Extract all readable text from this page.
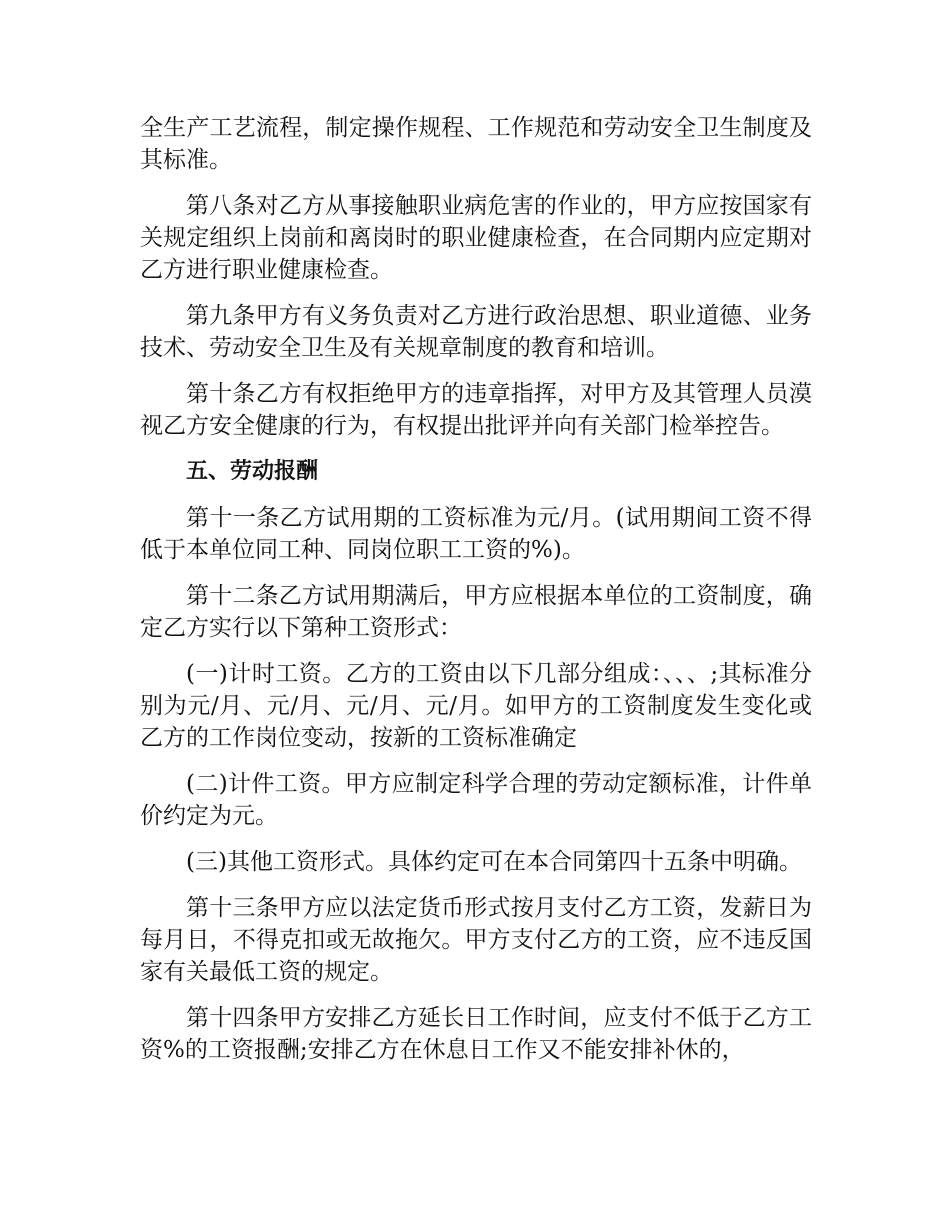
全生产工艺流程，制定操作规程、工作规范和劳动安全卫生制度及其标准。

第八条对乙方从事接触职业病危害的作业的，甲方应按国家有关规定组织上岗前和离岗时的职业健康检查，在合同期内应定期对乙方进行职业健康检查。

第九条甲方有义务负责对乙方进行政治思想、职业道德、业务技术、劳动安全卫生及有关规章制度的教育和培训。

第十条乙方有权拒绝甲方的违章指挥，对甲方及其管理人员漠视乙方安全健康的行为，有权提出批评并向有关部门检举控告。

五、劳动报酬

第十一条乙方试用期的工资标准为元/月。(试用期间工资不得低于本单位同工种、同岗位职工工资的%)。

第十二条乙方试用期满后，甲方应根据本单位的工资制度，确定乙方实行以下第种工资形式：

(一)计时工资。乙方的工资由以下几部分组成：、、、;其标准分别为元/月、元/月、元/月、元/月。如甲方的工资制度发生变化或乙方的工作岗位变动，按新的工资标准确定

(二)计件工资。甲方应制定科学合理的劳动定额标准，计件单价约定为元。

(三)其他工资形式。具体约定可在本合同第四十五条中明确。

第十三条甲方应以法定货币形式按月支付乙方工资，发薪日为每月日，不得克扣或无故拖欠。甲方支付乙方的工资，应不违反国家有关最低工资的规定。

第十四条甲方安排乙方延长日工作时间，应支付不低于乙方工资%的工资报酬;安排乙方在休息日工作又不能安排补休的，
